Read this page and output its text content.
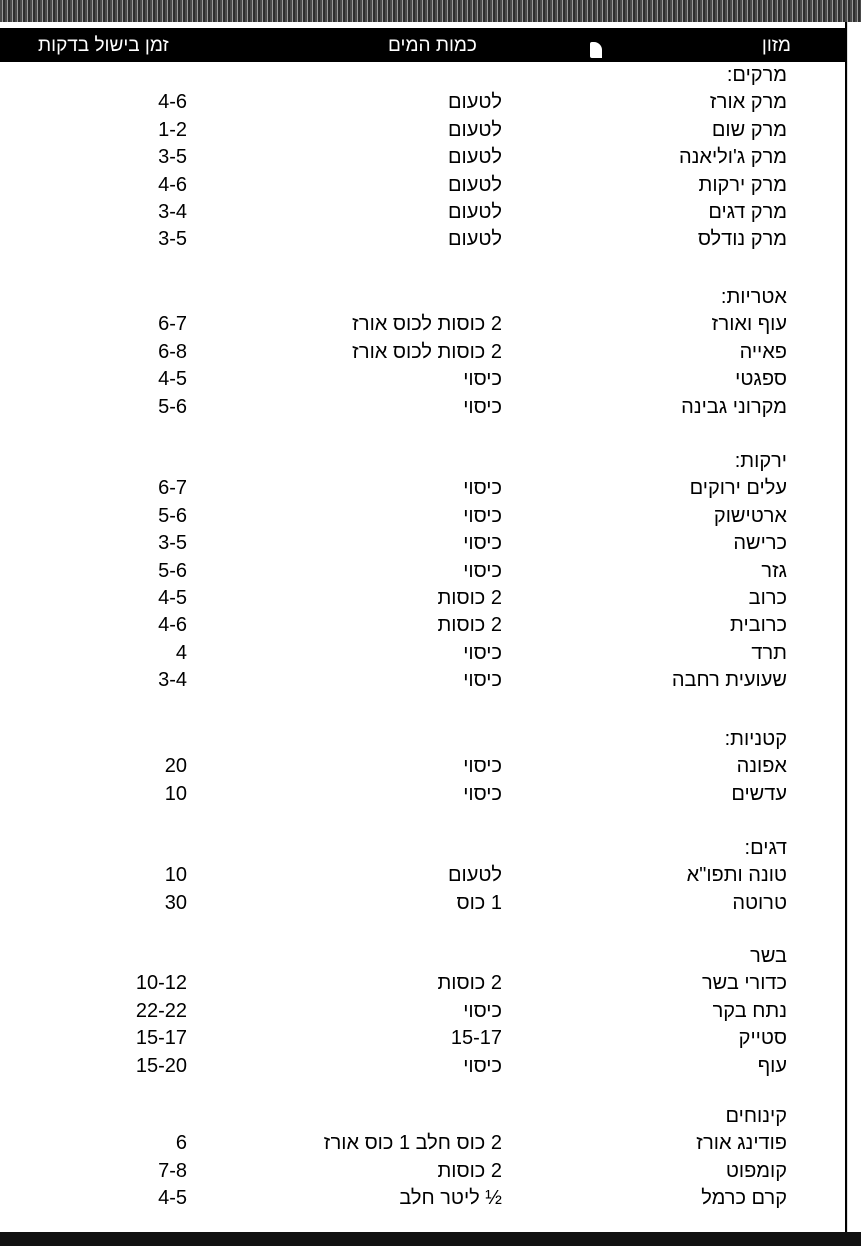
מזון
כמות המים
זמן בישול בדקות
מרקים:
מרק אורז
לטעום
4-6
מרק שום
לטעום
1-2
מרק ג'וליאנה
לטעום
3-5
מרק ירקות
לטעום
4-6
מרק דגים
לטעום
3-4
מרק נודלס
לטעום
3-5
אטריות:
עוף ואורז
2 כוסות לכוס אורז
6-7
פאייה
2 כוסות לכוס אורז
6-8
ספגטי
כיסוי
4-5
מקרוני גבינה
כיסוי
5-6
ירקות:
עלים ירוקים
כיסוי
6-7
ארטישוק
כיסוי
5-6
כרישה
כיסוי
3-5
גזר
כיסוי
5-6
כרוב
2 כוסות
4-5
כרובית
2 כוסות
4-6
תרד
כיסוי
4
שעועית רחבה
כיסוי
3-4
קטניות:
אפונה
כיסוי
20
עדשים
כיסוי
10
דגים:
טונה ותפו"א
לטעום
10
טרוטה
1 כוס
30
בשר
כדורי בשר
2 כוסות
10-12
נתח בקר
כיסוי
22-22
סטייק
15-17
15-17
עוף
כיסוי
15-20
קינוחים
פודינג אורז
2 כוס חלב 1 כוס אורז
6
קומפוט
2 כוסות
7-8
קרם כרמל
½ ליטר חלב
4-5
